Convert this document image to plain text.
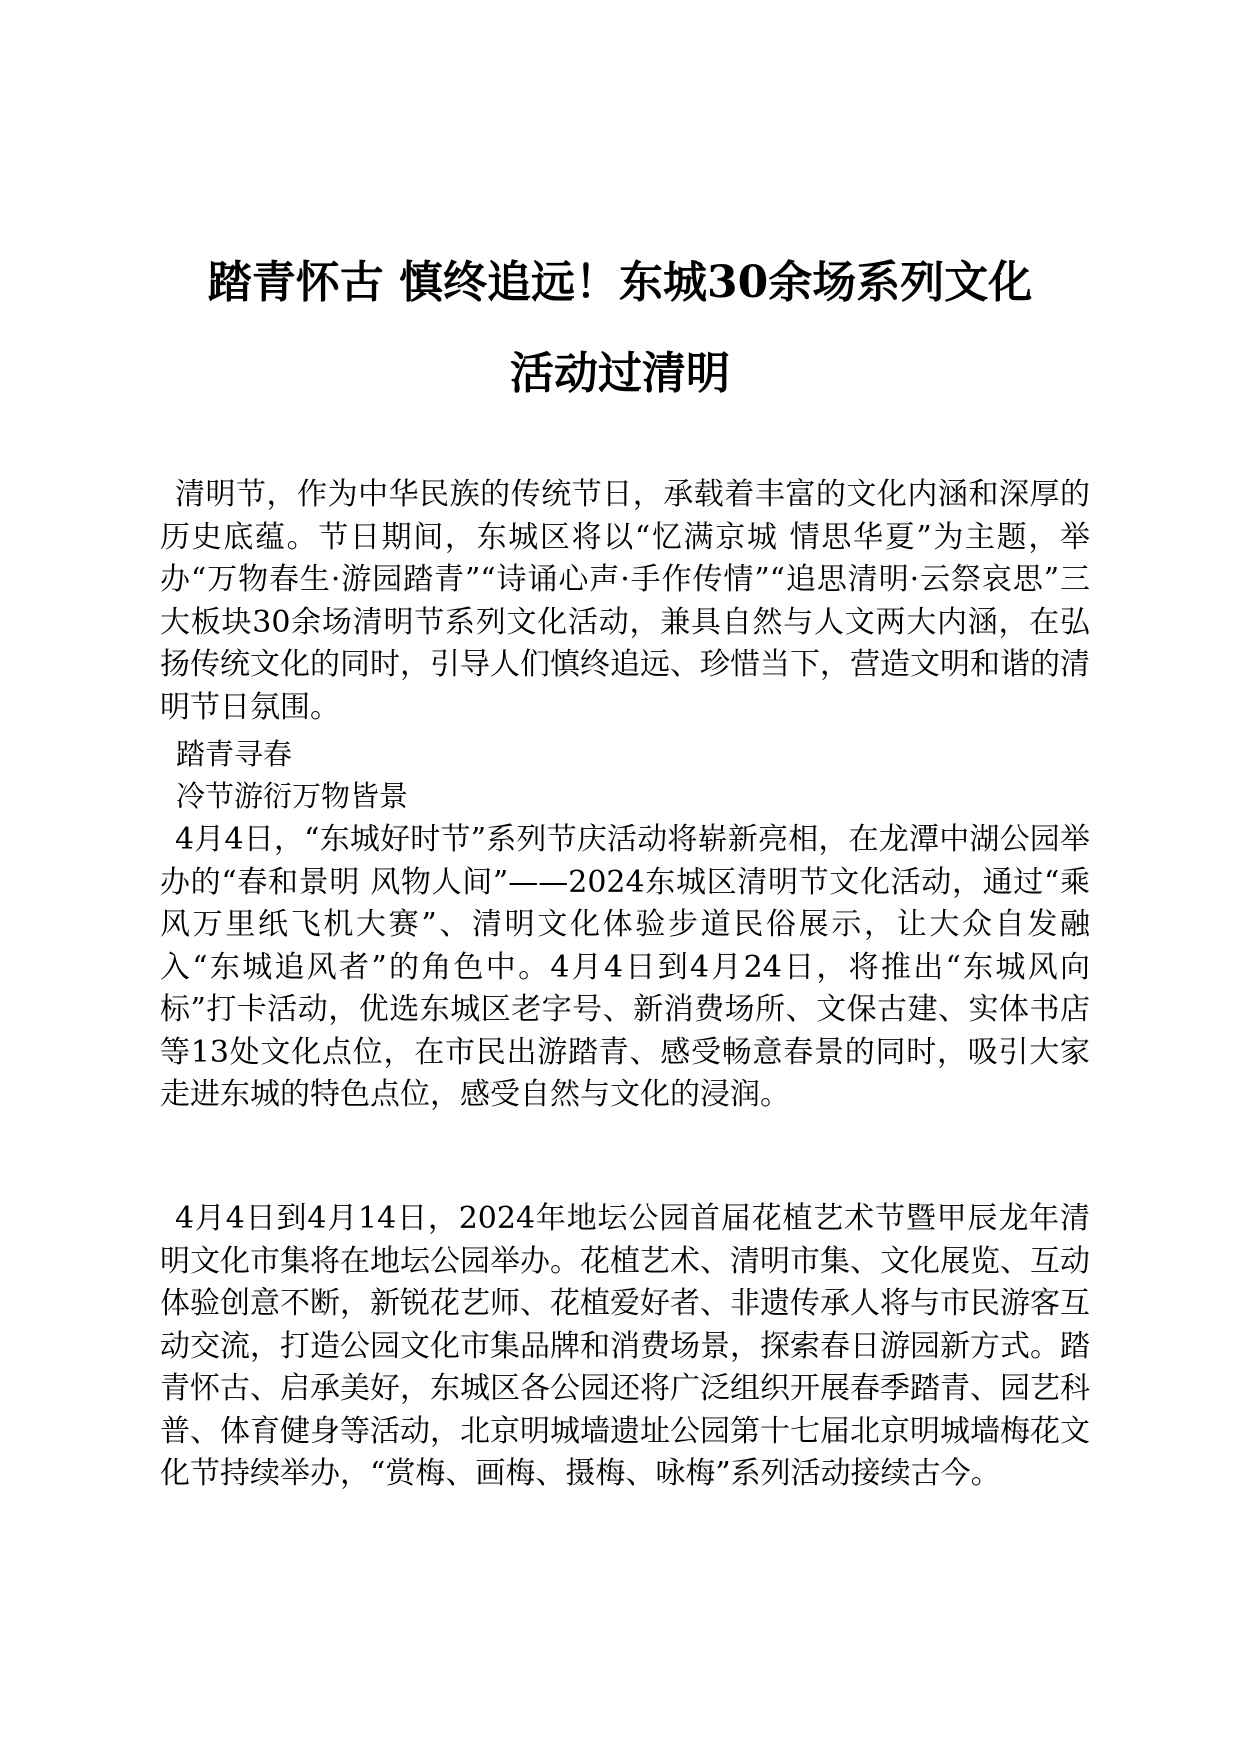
踏青怀古 慎终追远！东城30余场系列文化
活动过清明

清明节，作为中华民族的传统节日，承载着丰富的文化内涵和深厚的历史底蕴。节日期间，东城区将以“忆满京城 情思华夏”为主题，举办“万物春生·游园踏青”“诗诵心声·手作传情”“追思清明·云祭哀思”三大板块30余场清明节系列文化活动，兼具自然与人文两大内涵，在弘扬传统文化的同时，引导人们慎终追远、珍惜当下，营造文明和谐的清明节日氛围。

踏青寻春

冷节游衍万物皆景

4月4日，“东城好时节”系列节庆活动将崭新亮相，在龙潭中湖公园举办的“春和景明 风物人间”——2024东城区清明节文化活动，通过“乘风万里纸飞机大赛”、清明文化体验步道民俗展示，让大众自发融入“东城追风者”的角色中。4月4日到4月24日，将推出“东城风向标”打卡活动，优选东城区老字号、新消费场所、文保古建、实体书店等13处文化点位，在市民出游踏青、感受畅意春景的同时，吸引大家走进东城的特色点位，感受自然与文化的浸润。

4月4日到4月14日，2024年地坛公园首届花植艺术节暨甲辰龙年清明文化市集将在地坛公园举办。花植艺术、清明市集、文化展览、互动体验创意不断，新锐花艺师、花植爱好者、非遗传承人将与市民游客互动交流，打造公园文化市集品牌和消费场景，探索春日游园新方式。踏青怀古、启承美好，东城区各公园还将广泛组织开展春季踏青、园艺科普、体育健身等活动，北京明城墙遗址公园第十七届北京明城墙梅花文化节持续举办，“赏梅、画梅、摄梅、咏梅”系列活动接续古今。
